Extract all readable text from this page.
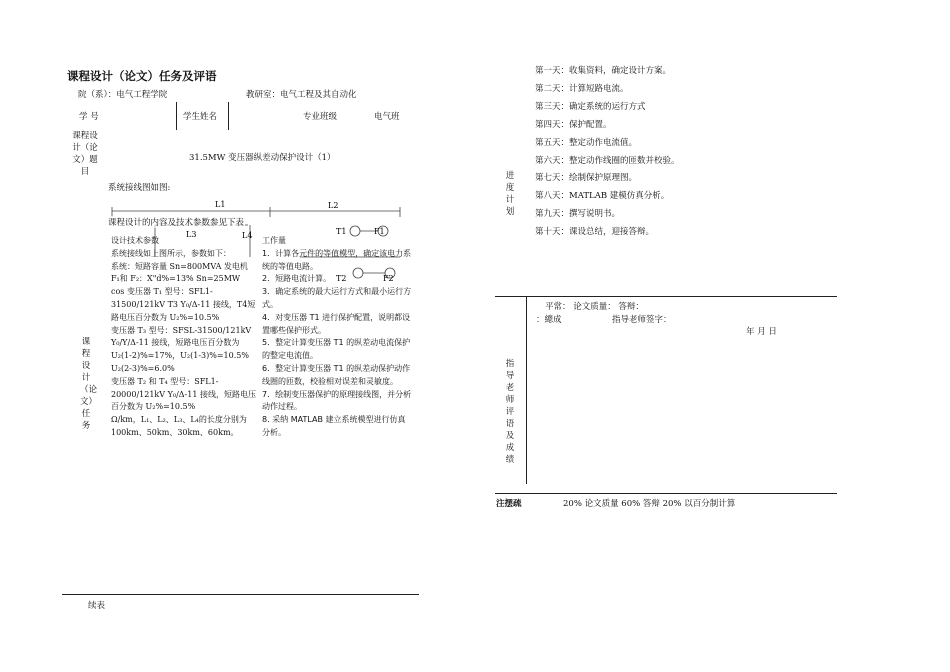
课程设计（论文）任务及评语
院（系）：电气工程学院	教研室：电气工程及其自动化
学 号	学生姓名	专业班级	电气班
课程设
计（论
文）题
目
31.5MW 变压器纵差动保护设计（1）
系统接线图如图:
L1	L2
L3	L4	T1	F1
T2	F2
课程设计的内容及技术参数参见下表
课程设计（论文）任务
设计技术参数
系统接线如上图所示，参数如下：
系统：短路容量 Sn=800MVA 发电机 F₁和 F₂：X"d%=13% Sn=25MW
cos 变压器 T₁ 型号：SFL1-31500/121kV T3 Y₀/Δ-11 接线，T4短路电压百分数为 U₂%=10.5%
变压器 T₃ 型号：SFSL-31500/121kV Y₀/Y/Δ-11 接线，短路电压百分数为
U₂(1-2)%=17%，U₂(1-3)%=10.5% U₂(2-3)%=6.0%
变压器 T₂ 和 T₄ 型号：SFL1-20000/121kV Y₀/Δ-11 接线，短路电压百分数为 U₂%=10.5%
Ω/km，L₁、L₂、L₃、L₄的长度分别为
100km、50km、30km、60km。
工作量
1．计算各元件的等值模型，确定该电力系统的等值电路。
2．短路电流计算。
3．确定系统的最大运行方式和最小运行方式。
4．对变压器 T1 进行保护配置，说明都设置哪些保护形式。
5．整定计算变压器 T1 的纵差动电流保护的整定电流值。
6．整定计算变压器 T1 的纵差动保护动作线圈的匝数，校验相对误差和灵敏度。
7．绘制变压器保护的原理接线图，并分析动作过程。
8. 采纳 MATLAB 建立系统模型进行仿真分析。
续表
进度计划
第一天：收集资料，确定设计方案。
第二天：计算短路电流。
第三天：确定系统的运行方式
第四天：保护配置。
第五天：整定动作电流值。
第六天：整定动作线圈的匝数并校验。
第七天：绘制保护原理图。
第八天：MATLAB 建模仿真分析。
第九天：撰写说明书。
第十天：课设总结，迎接答辩。
指导老师评语及成绩
平常： 论文质量： 答辩：
：總成	指导老师签字：
年 月 日
注摆疏	20% 论文质量 60% 答辩 20% 以百分制计算
